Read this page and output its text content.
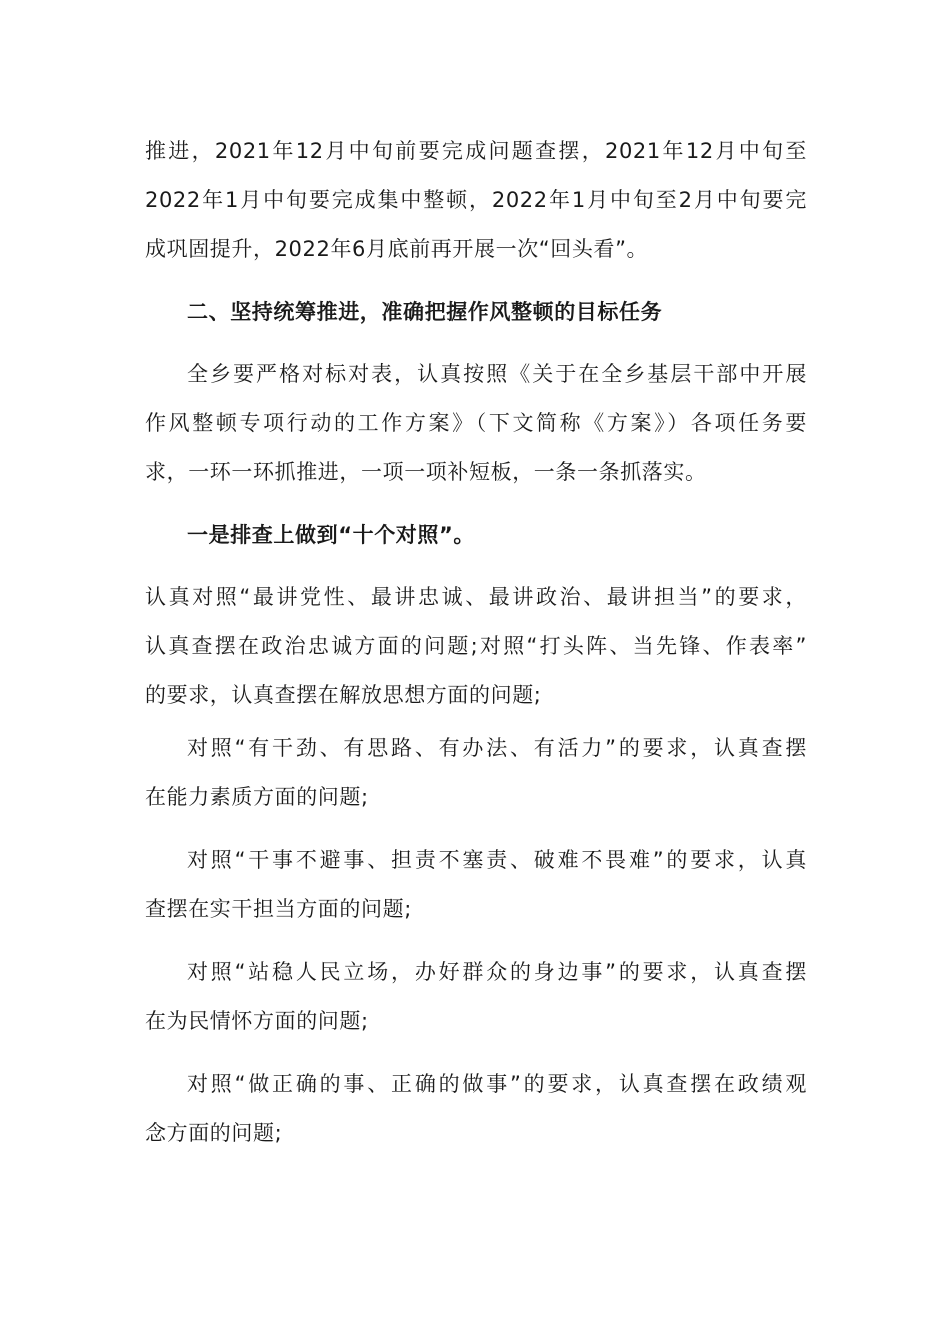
推进，2021年12月中旬前要完成问题查摆，2021年12月中旬至
2022年1月中旬要完成集中整顿，2022年1月中旬至2月中旬要完
成巩固提升，2022年6月底前再开展一次“回头看”。
二、坚持统筹推进，准确把握作风整顿的目标任务
全乡要严格对标对表，认真按照《关于在全乡基层干部中开展
作风整顿专项行动的工作方案》（下文简称《方案》）各项任务要
求，一环一环抓推进，一项一项补短板，一条一条抓落实。
一是排查上做到“十个对照”。
认真对照“最讲党性、最讲忠诚、最讲政治、最讲担当”的要求，
认真查摆在政治忠诚方面的问题;对照“打头阵、当先锋、作表率”
的要求，认真查摆在解放思想方面的问题;
对照“有干劲、有思路、有办法、有活力”的要求，认真查摆
在能力素质方面的问题;
对照“干事不避事、担责不塞责、破难不畏难”的要求，认真
查摆在实干担当方面的问题;
对照“站稳人民立场，办好群众的身边事”的要求，认真查摆
在为民情怀方面的问题;
对照“做正确的事、正确的做事”的要求，认真查摆在政绩观
念方面的问题;
